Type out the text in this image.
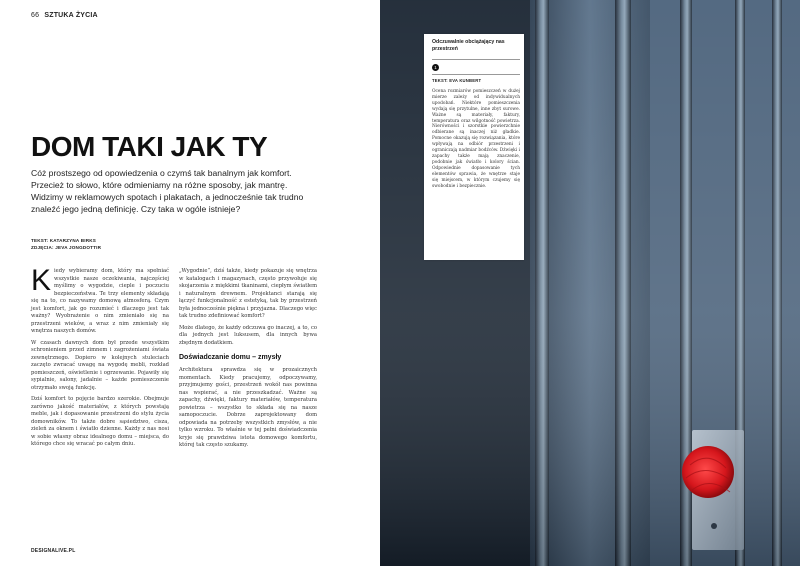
66 SZTUKA ŻYCIA
DOM TAKI JAK TY
Cóż prostszego od opowiedzenia o czymś tak banalnym jak komfort. Przecież to słowo, które odmieniamy na różne sposoby, jak mantrę. Widzimy w reklamowych spotach i plakatach, a jednocześnie tak trudno znaleźć jego jedną definicję. Czy taka w ogóle istnieje?
TEKST: KATARZYNA BIRKS
ZDJĘCIA: JEVA JONGDOTTIR
K iedy wybieramy dom, który ma spełniać wszystkie nasze oczekiwania, najczęściej myślimy o wygodzie, cieple i poczuciu bezpieczeństwa. Te trzy elementy składają się na to, co nazywamy domową atmosferą. Czym jest komfort, jak go rozumieć i dlaczego jest tak ważny? Wyobrażenie o nim zmieniało się na przestrzeni wieków, a wraz z nim zmieniały się wnętrza naszych domów.

W czasach dawnych dom był przede wszystkim schronieniem przed zimnem i zagrożeniami świata zewnętrznego. Dopiero w kolejnych stuleciach zaczęto zwracać uwagę na wygodę mebli, rozkład pomieszczeń, oświetlenie i ogrzewanie. Pojawiły się sypialnie, salony, jadalnie – każde pomieszczenie otrzymało swoją funkcję.

Dziś komfort to pojęcie bardzo szerokie. Obejmuje zarówno jakość materiałów, z których powstają meble, jak i dopasowanie przestrzeni do stylu życia domowników. To także dobre sąsiedztwo, cisza, zieleń za oknem i światło dzienne. Każdy z nas nosi w sobie własny obraz idealnego domu – miejsca, do którego chce się wracać po całym dniu.

„Wygodnie”, dziś także, kiedy pokazuje się wnętrza w katalogach i magazynach, często przywołuje się skojarzenia z miękkimi tkaninami, ciepłym światłem i naturalnym drewnem. Projektanci starają się łączyć funkcjonalność z estetyką, tak by przestrzeń była jednocześnie piękna i przyjazna. Dlaczego więc tak trudno zdefiniować komfort?

Może dlatego, że każdy odczuwa go inaczej, a to, co dla jednych jest luksusem, dla innych bywa zbędnym dodatkiem.

Doświadczanie domu – zmysły

Architektura sprawdza się w prozaicznych momentach. Kiedy pracujemy, odpoczywamy, przyjmujemy gości, przestrzeń wokół nas powinna nas wspierać, a nie przeszkadzać. Ważne są zapachy, dźwięki, faktury materiałów, temperatura powietrza – wszystko to składa się na nasze samopoczucie. Dobrze zaprojektowany dom odpowiada na potrzeby wszystkich zmysłów, a nie tylko wzroku. To właśnie w tej pełni doświadczenia kryje się prawdziwa istota domowego komfortu, której tak często szukamy.

DESIGNALIVE.PL
Odczuwalnie obciążający nas przestrzeń
1
TEKST: EVA KUNBERT
Ocena rozmiarów pomieszczeń w dużej mierze zależy od indywidualnych upodobań. Niektóre pomieszczenia wydają się przytulne, inne zbyt surowe. Ważne są materiały, faktury, temperatura oraz wilgotność powietrza. Nierówności i szorstkie powierzchnie odbierane są inaczej niż gładkie. Pomocne okazują się rozwiązania, które wpływają na odbiór przestrzeni i ograniczają nadmiar bodźców. Dźwięki i zapachy także mają znaczenie, podobnie jak światło i kolory ścian. Odpowiednie dopasowanie tych elementów sprawia, że wnętrze staje się miejscem, w którym czujemy się swobodnie i bezpiecznie.
